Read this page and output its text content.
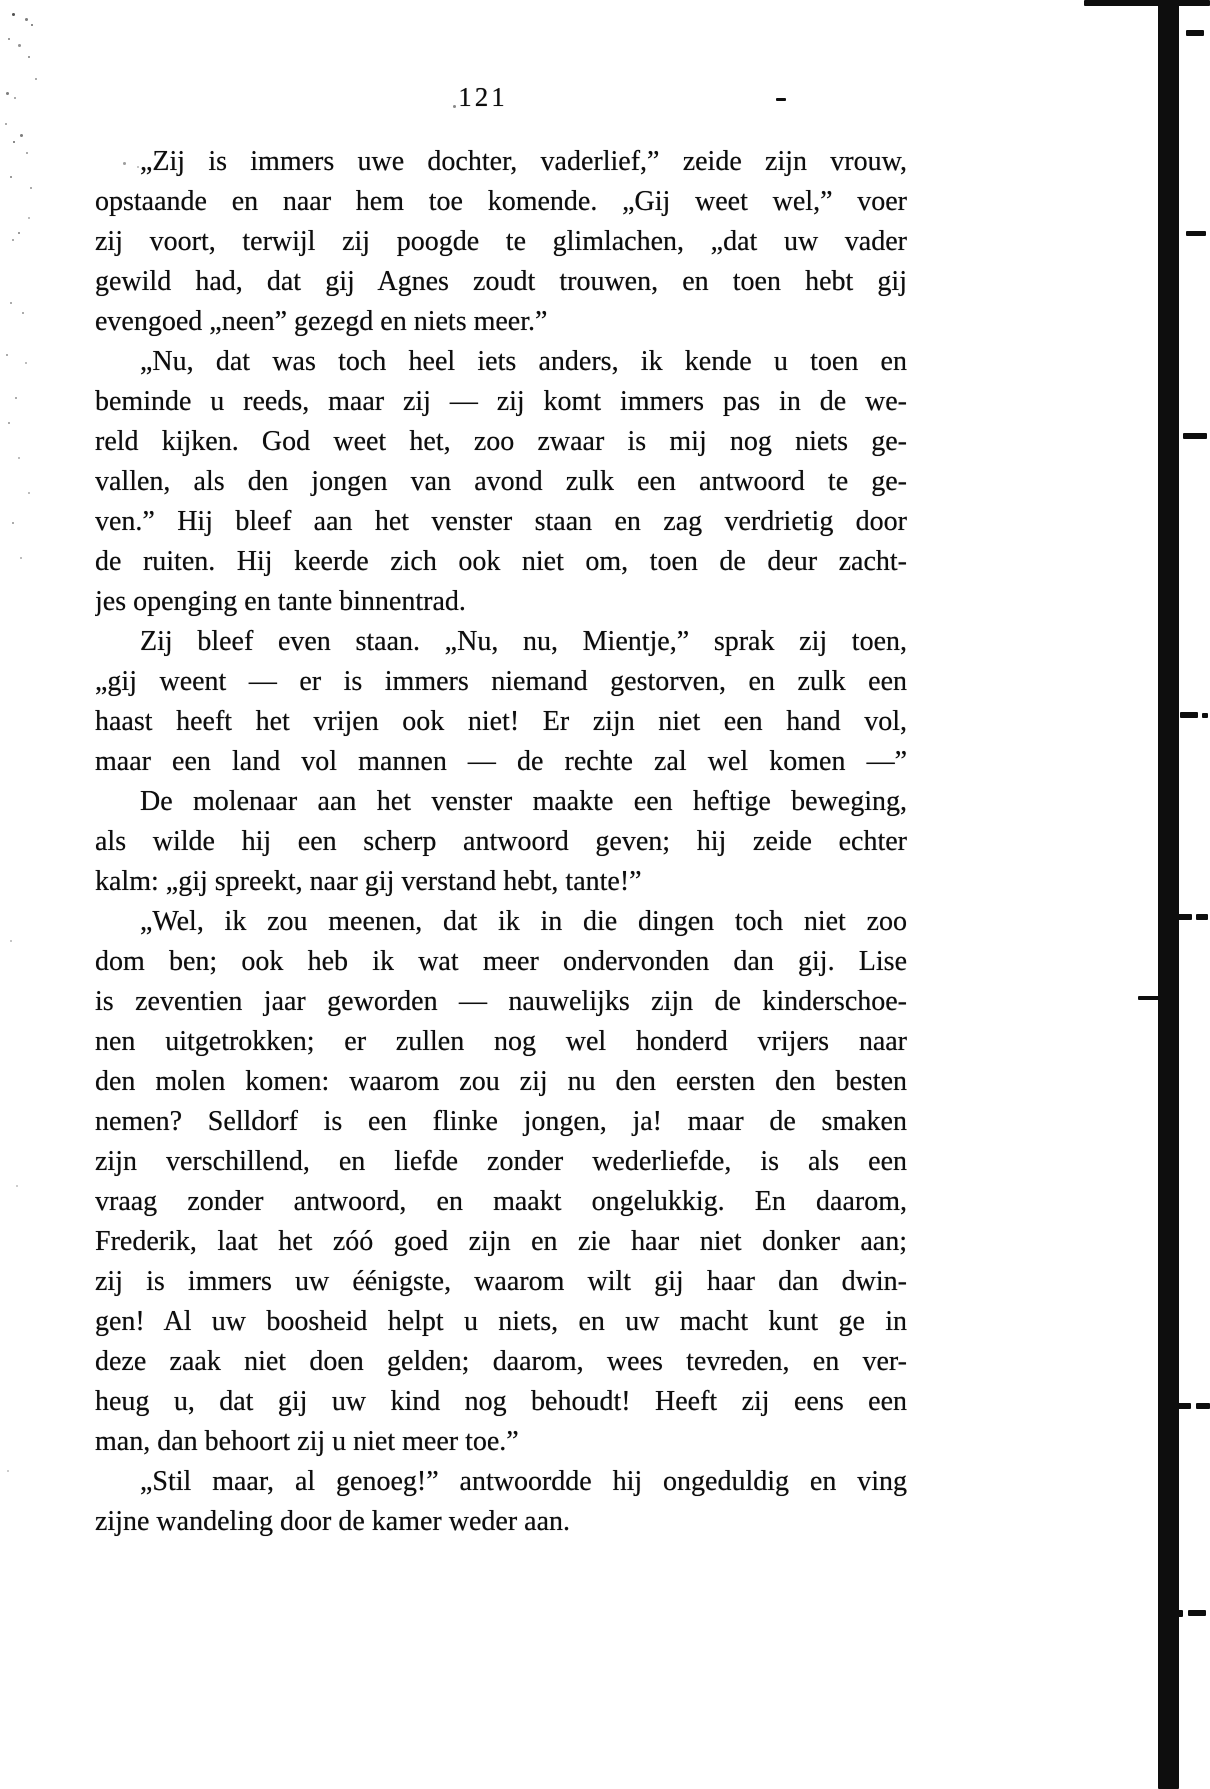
121
„Zij is immers uwe dochter, vaderlief,” zeide zijn vrouw,
opstaande en naar hem toe komende. „Gij weet wel,” voer
zij voort, terwijl zij poogde te glimlachen, „dat uw vader
gewild had, dat gij Agnes zoudt trouwen, en toen hebt gij
evengoed „neen” gezegd en niets meer.”
„Nu, dat was toch heel iets anders, ik kende u toen en
beminde u reeds, maar zij — zij komt immers pas in de we-
reld kijken. God weet het, zoo zwaar is mij nog niets ge-
vallen, als den jongen van avond zulk een antwoord te ge-
ven.” Hij bleef aan het venster staan en zag verdrietig door
de ruiten. Hij keerde zich ook niet om, toen de deur zacht-
jes openging en tante binnentrad.
Zij bleef even staan. „Nu, nu, Mientje,” sprak zij toen,
„gij weent — er is immers niemand gestorven, en zulk een
haast heeft het vrijen ook niet! Er zijn niet een hand vol,
maar een land vol mannen — de rechte zal wel komen —”
De molenaar aan het venster maakte een heftige beweging,
als wilde hij een scherp antwoord geven; hij zeide echter
kalm: „gij spreekt, naar gij verstand hebt, tante!”
„Wel, ik zou meenen, dat ik in die dingen toch niet zoo
dom ben; ook heb ik wat meer ondervonden dan gij. Lise
is zeventien jaar geworden — nauwelijks zijn de kinderschoe-
nen uitgetrokken; er zullen nog wel honderd vrijers naar
den molen komen: waarom zou zij nu den eersten den besten
nemen? Selldorf is een flinke jongen, ja! maar de smaken
zijn verschillend, en liefde zonder wederliefde, is als een
vraag zonder antwoord, en maakt ongelukkig. En daarom,
Frederik, laat het zóó goed zijn en zie haar niet donker aan;
zij is immers uw éénigste, waarom wilt gij haar dan dwin-
gen! Al uw boosheid helpt u niets, en uw macht kunt ge in
deze zaak niet doen gelden; daarom, wees tevreden, en ver-
heug u, dat gij uw kind nog behoudt! Heeft zij eens een
man, dan behoort zij u niet meer toe.”
„Stil maar, al genoeg!” antwoordde hij ongeduldig en ving
zijne wandeling door de kamer weder aan.
